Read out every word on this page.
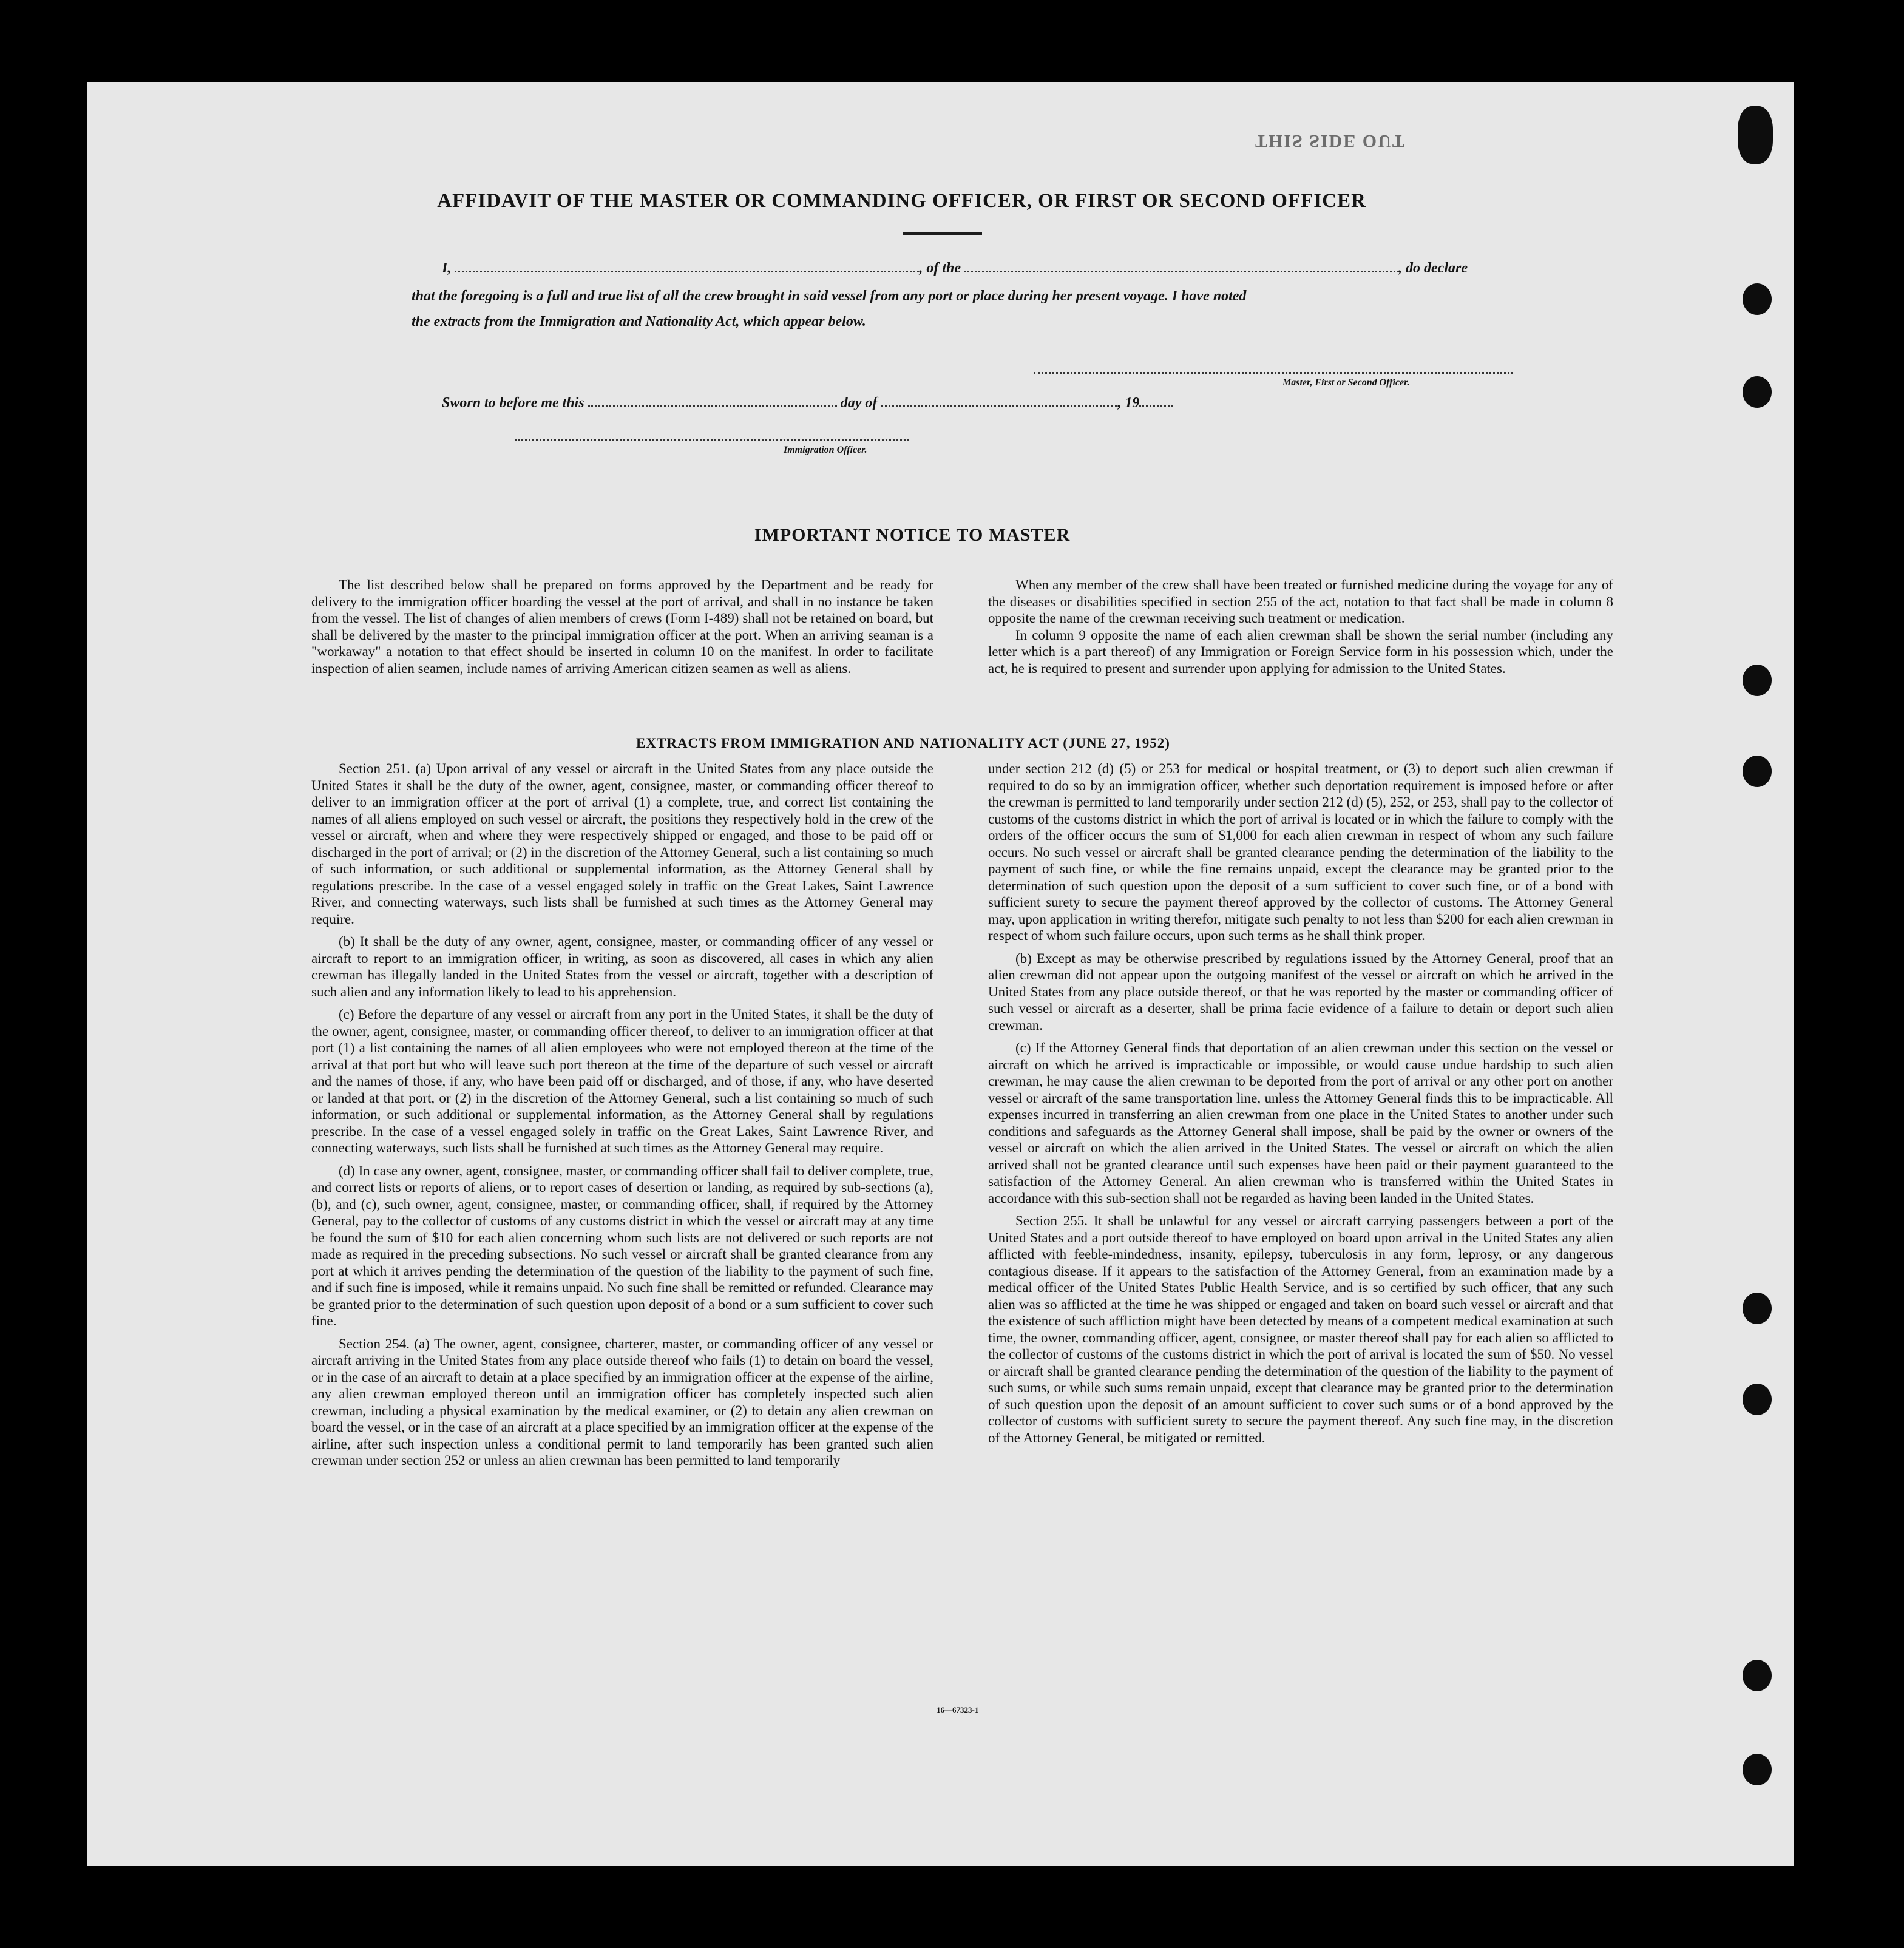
THIS SIDE OUT
AFFIDAVIT OF THE MASTER OR COMMANDING OFFICER, OR FIRST OR SECOND OFFICER
I,	, of the	, do declare
that the foregoing is a full and true list of all the crew brought in said vessel from any port or place during her present voyage. I have noted
the extracts from the Immigration and Nationality Act, which appear below.
Master, First or Second Officer.
Sworn to before me this	day of	, 19
Immigration Officer.
IMPORTANT NOTICE TO MASTER

The list described below shall be prepared on forms approved by the Department and be ready for delivery to the immigration officer boarding the vessel at the port of arrival, and shall in no instance be taken from the vessel. The list of changes of alien members of crews (Form I-489) shall not be retained on board, but shall be delivered by the master to the principal immigration officer at the port. When an arriving seaman is a "workaway" a notation to that effect should be inserted in column 10 on the manifest. In order to facilitate inspection of alien seamen, include names of arriving American citizen seamen as well as aliens.

When any member of the crew shall have been treated or furnished medicine during the voyage for any of the diseases or disabilities specified in section 255 of the act, notation to that fact shall be made in column 8 opposite the name of the crewman receiving such treatment or medication.

In column 9 opposite the name of each alien crewman shall be shown the serial number (including any letter which is a part thereof) of any Immigration or Foreign Service form in his possession which, under the act, he is required to present and surrender upon applying for admission to the United States.

EXTRACTS FROM IMMIGRATION AND NATIONALITY ACT (JUNE 27, 1952)

Section 251. (a) Upon arrival of any vessel or aircraft in the United States from any place outside the United States it shall be the duty of the owner, agent, consignee, master, or commanding officer thereof to deliver to an immigration officer at the port of arrival (1) a complete, true, and correct list containing the names of all aliens employed on such vessel or aircraft, the positions they respectively hold in the crew of the vessel or aircraft, when and where they were respectively shipped or engaged, and those to be paid off or discharged in the port of arrival; or (2) in the discretion of the Attorney General, such a list containing so much of such information, or such additional or supplemental information, as the Attorney General shall by regulations prescribe. In the case of a vessel engaged solely in traffic on the Great Lakes, Saint Lawrence River, and connecting waterways, such lists shall be furnished at such times as the Attorney General may require.

(b) It shall be the duty of any owner, agent, consignee, master, or commanding officer of any vessel or aircraft to report to an immigration officer, in writing, as soon as discovered, all cases in which any alien crewman has illegally landed in the United States from the vessel or aircraft, together with a description of such alien and any information likely to lead to his apprehension.

(c) Before the departure of any vessel or aircraft from any port in the United States, it shall be the duty of the owner, agent, consignee, master, or commanding officer thereof, to deliver to an immigration officer at that port (1) a list containing the names of all alien employees who were not employed thereon at the time of the arrival at that port but who will leave such port thereon at the time of the departure of such vessel or aircraft and the names of those, if any, who have been paid off or discharged, and of those, if any, who have deserted or landed at that port, or (2) in the discretion of the Attorney General, such a list containing so much of such information, or such additional or supplemental information, as the Attorney General shall by regulations prescribe. In the case of a vessel engaged solely in traffic on the Great Lakes, Saint Lawrence River, and connecting waterways, such lists shall be furnished at such times as the Attorney General may require.

(d) In case any owner, agent, consignee, master, or commanding officer shall fail to deliver complete, true, and correct lists or reports of aliens, or to report cases of desertion or landing, as required by sub-sections (a), (b), and (c), such owner, agent, consignee, master, or commanding officer, shall, if required by the Attorney General, pay to the collector of customs of any customs district in which the vessel or aircraft may at any time be found the sum of $10 for each alien concerning whom such lists are not delivered or such reports are not made as required in the preceding subsections. No such vessel or aircraft shall be granted clearance from any port at which it arrives pending the determination of the question of the liability to the payment of such fine, and if such fine is imposed, while it remains unpaid. No such fine shall be remitted or refunded. Clearance may be granted prior to the determination of such question upon deposit of a bond or a sum sufficient to cover such fine.

Section 254. (a) The owner, agent, consignee, charterer, master, or commanding officer of any vessel or aircraft arriving in the United States from any place outside thereof who fails (1) to detain on board the vessel, or in the case of an aircraft to detain at a place specified by an immigration officer at the expense of the airline, any alien crewman employed thereon until an immigration officer has completely inspected such alien crewman, including a physical examination by the medical examiner, or (2) to detain any alien crewman on board the vessel, or in the case of an aircraft at a place specified by an immigration officer at the expense of the airline, after such inspection unless a conditional permit to land temporarily has been granted such alien crewman under section 252 or unless an alien crewman has been permitted to land temporarily

under section 212 (d) (5) or 253 for medical or hospital treatment, or (3) to deport such alien crewman if required to do so by an immigration officer, whether such deportation requirement is imposed before or after the crewman is permitted to land temporarily under section 212 (d) (5), 252, or 253, shall pay to the collector of customs of the customs district in which the port of arrival is located or in which the failure to comply with the orders of the officer occurs the sum of $1,000 for each alien crewman in respect of whom any such failure occurs. No such vessel or aircraft shall be granted clearance pending the determination of the liability to the payment of such fine, or while the fine remains unpaid, except the clearance may be granted prior to the determination of such question upon the deposit of a sum sufficient to cover such fine, or of a bond with sufficient surety to secure the payment thereof approved by the collector of customs. The Attorney General may, upon application in writing therefor, mitigate such penalty to not less than $200 for each alien crewman in respect of whom such failure occurs, upon such terms as he shall think proper.

(b) Except as may be otherwise prescribed by regulations issued by the Attorney General, proof that an alien crewman did not appear upon the outgoing manifest of the vessel or aircraft on which he arrived in the United States from any place outside thereof, or that he was reported by the master or commanding officer of such vessel or aircraft as a deserter, shall be prima facie evidence of a failure to detain or deport such alien crewman.

(c) If the Attorney General finds that deportation of an alien crewman under this section on the vessel or aircraft on which he arrived is impracticable or impossible, or would cause undue hardship to such alien crewman, he may cause the alien crewman to be deported from the port of arrival or any other port on another vessel or aircraft of the same transportation line, unless the Attorney General finds this to be impracticable. All expenses incurred in transferring an alien crewman from one place in the United States to another under such conditions and safeguards as the Attorney General shall impose, shall be paid by the owner or owners of the vessel or aircraft on which the alien arrived in the United States. The vessel or aircraft on which the alien arrived shall not be granted clearance until such expenses have been paid or their payment guaranteed to the satisfaction of the Attorney General. An alien crewman who is transferred within the United States in accordance with this sub-section shall not be regarded as having been landed in the United States.

Section 255. It shall be unlawful for any vessel or aircraft carrying passengers between a port of the United States and a port outside thereof to have employed on board upon arrival in the United States any alien afflicted with feeble-mindedness, insanity, epilepsy, tuberculosis in any form, leprosy, or any dangerous contagious disease. If it appears to the satisfaction of the Attorney General, from an examination made by a medical officer of the United States Public Health Service, and is so certified by such officer, that any such alien was so afflicted at the time he was shipped or engaged and taken on board such vessel or aircraft and that the existence of such affliction might have been detected by means of a competent medical examination at such time, the owner, commanding officer, agent, consignee, or master thereof shall pay for each alien so afflicted to the collector of customs of the customs district in which the port of arrival is located the sum of $50. No vessel or aircraft shall be granted clearance pending the determination of the question of the liability to the payment of such sums, or while such sums remain unpaid, except that clearance may be granted prior to the determination of such question upon the deposit of an amount sufficient to cover such sums or of a bond approved by the collector of customs with sufficient surety to secure the payment thereof. Any such fine may, in the discretion of the Attorney General, be mitigated or remitted.

16—67323-1
